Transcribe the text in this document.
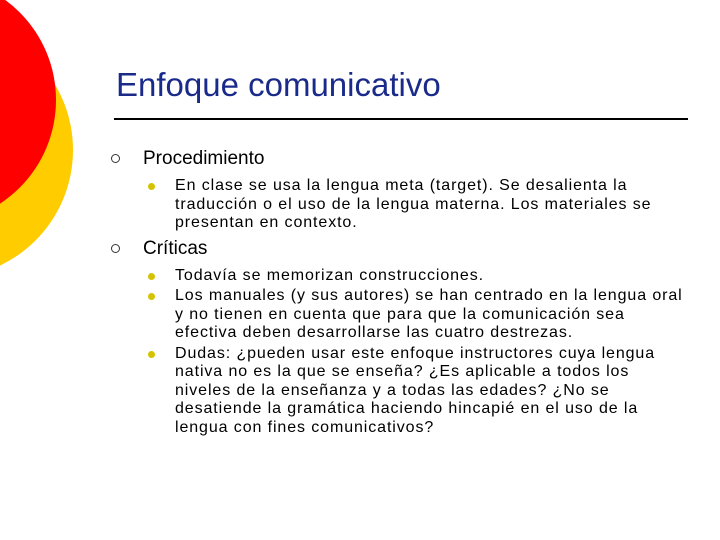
Enfoque comunicativo
Procedimiento
En clase se usa la lengua meta (target). Se desalienta la traducción o el uso de la lengua materna. Los materiales se presentan en contexto.
Críticas
Todavía se memorizan construcciones.
Los manuales (y sus autores) se han centrado en la lengua oral y no tienen en cuenta que para que la comunicación sea efectiva deben desarrollarse las cuatro destrezas.
Dudas: ¿pueden usar este enfoque instructores cuya lengua nativa no es la que se enseña? ¿Es aplicable a todos los niveles de la enseñanza y a todas las edades? ¿No se desatiende la gramática haciendo hincapié en el uso de la lengua con fines comunicativos?
